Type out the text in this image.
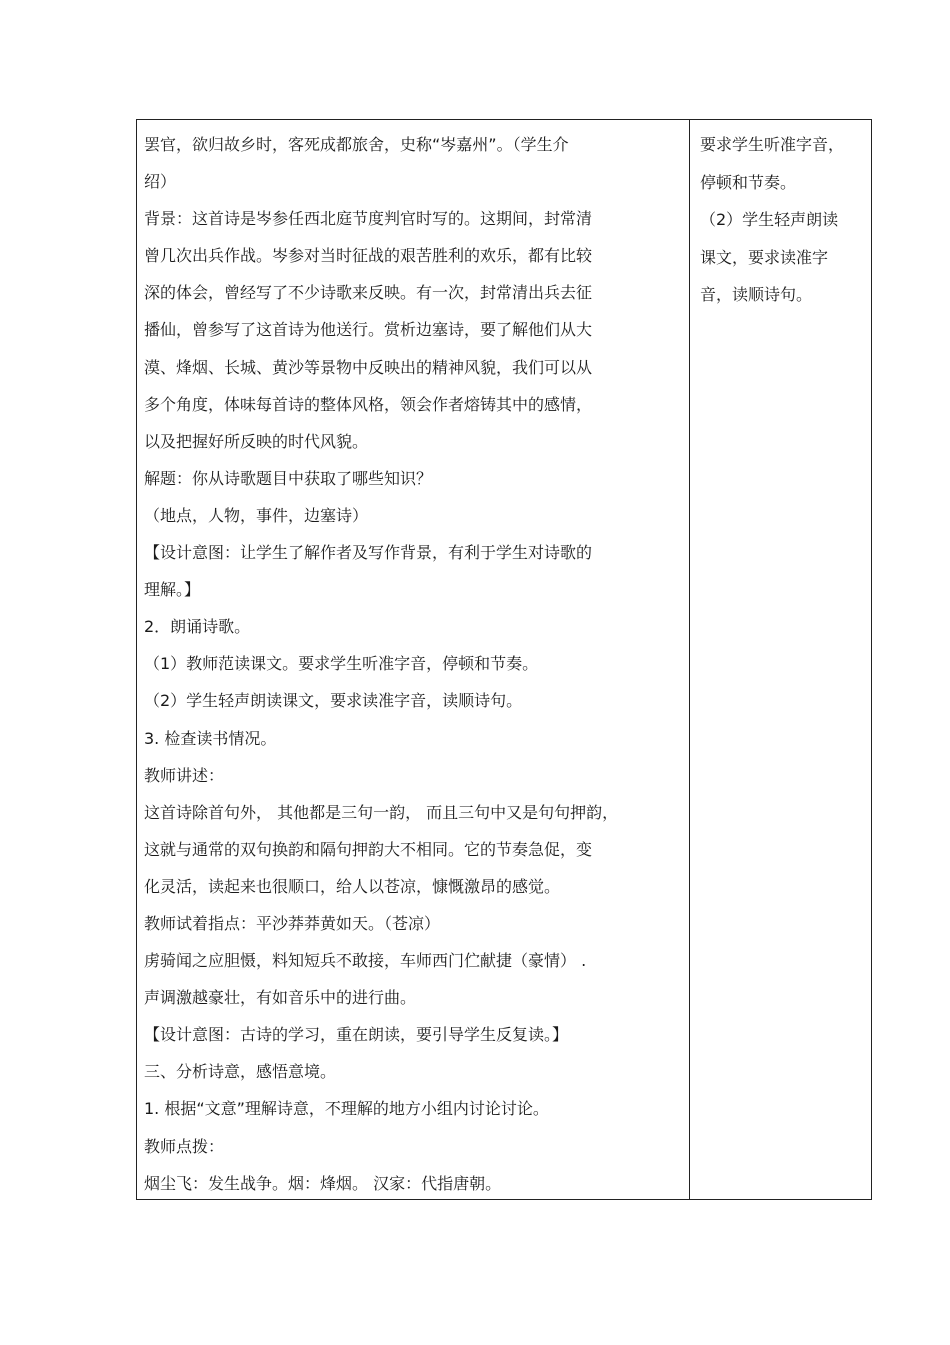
罢官，欲归故乡时，客死成都旅舍，史称“岑嘉州”。（学生介
绍）
背景：这首诗是岑参任西北庭节度判官时写的。这期间，封常清
曾几次出兵作战。岑参对当时征战的艰苦胜利的欢乐，都有比较
深的体会，曾经写了不少诗歌来反映。有一次，封常清出兵去征
播仙，曾参写了这首诗为他送行。赏析边塞诗，要了解他们从大
漠、烽烟、长城、黄沙等景物中反映出的精神风貌，我们可以从
多个角度，体味每首诗的整体风格，领会作者熔铸其中的感情，
以及把握好所反映的时代风貌。
解题：你从诗歌题目中获取了哪些知识？
（地点，人物，事件，边塞诗）
【设计意图：让学生了解作者及写作背景，有利于学生对诗歌的
理解。】
2．朗诵诗歌。
（1）教师范读课文。要求学生听准字音，停顿和节奏。
（2）学生轻声朗读课文，要求读准字音，读顺诗句。
3. 检查读书情况。
教师讲述：
这首诗除首句外， 其他都是三句一韵， 而且三句中又是句句押韵，
这就与通常的双句换韵和隔句押韵大不相同。它的节奏急促，变
化灵活，读起来也很顺口，给人以苍凉，慷慨激昂的感觉。
教师试着指点：平沙莽莽黄如天。（苍凉）
虏骑闻之应胆慑，料知短兵不敢接，车师西门伫献捷（豪情） .
声调激越豪壮，有如音乐中的进行曲。
【设计意图：古诗的学习，重在朗读，要引导学生反复读。】
三、分析诗意，感悟意境。
1. 根据“文意”理解诗意，不理解的地方小组内讨论讨论。
教师点拨：
烟尘飞：发生战争。烟：烽烟。 汉家：代指唐朝。
要求学生听准字音，
停顿和节奏。
（2）学生轻声朗读
课文，要求读准字
音，读顺诗句。
